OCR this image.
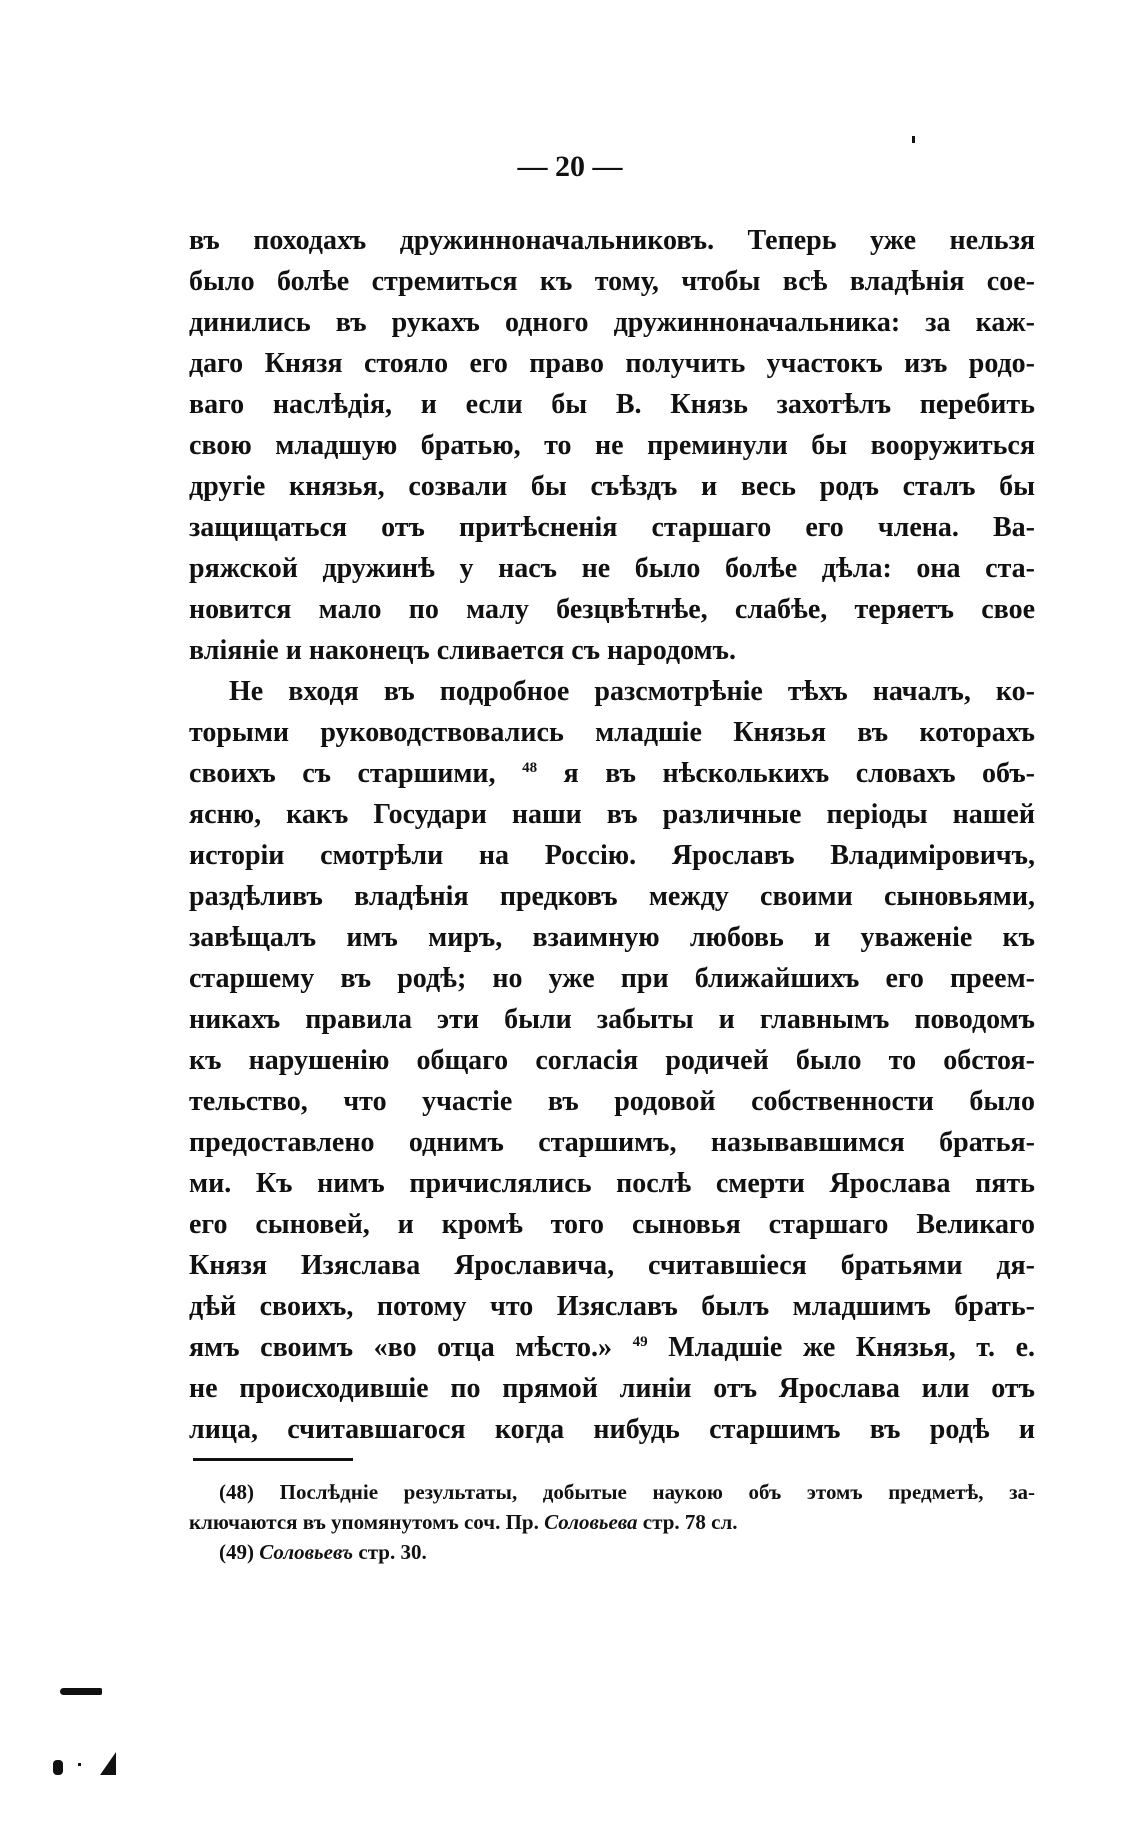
— 20 —
въ походахъ дружинноначальниковъ. Теперь уже нельзя
было болѣе стремиться къ тому, чтобы всѣ владѣнія сое-
динились въ рукахъ одного дружинноначальника: за каж-
даго Князя стояло его право получить участокъ изъ родо-
ваго наслѣдія, и если бы В. Князь захотѣлъ перебить
свою младшую братью, то не преминули бы вооружиться
другіе князья, созвали бы съѣздъ и весь родъ сталъ бы
защищаться отъ притѣсненія старшаго его члена. Ва-
ряжской дружинѣ у насъ не было болѣе дѣла: она ста-
новится мало по малу безцвѣтнѣе, слабѣе, теряетъ свое
вліяніе и наконецъ сливается съ народомъ.
Не входя въ подробное разсмотрѣніе тѣхъ началъ, ко-
торыми руководствовались младшіе Князья въ которахъ
своихъ съ старшими, $^{48}$ я въ нѣсколькихъ словахъ объ-
ясню, какъ Государи наши въ различные періоды нашей
исторіи смотрѣли на Россію. Ярославъ Владиміровичъ,
раздѣливъ владѣнія предковъ между своими сыновьями,
завѣщалъ имъ миръ, взаимную любовь и уваженіе къ
старшему въ родѣ; но уже при ближайшихъ его преем-
никахъ правила эти были забыты и главнымъ поводомъ
къ нарушенію общаго согласія родичей было то обстоя-
тельство, что участіе въ родовой собственности было
предоставлено однимъ старшимъ, называвшимся братья-
ми. Къ нимъ причислялись послѣ смерти Ярослава пять
его сыновей, и кромѣ того сыновья старшаго Великаго
Князя Изяслава Ярославича, считавшіеся братьями дя-
дѣй своихъ, потому что Изяславъ былъ младшимъ брать-
ямъ своимъ «во отца мѣсто.» $^{49}$ Младшіе же Князья, т. е.
не происходившіе по прямой линіи отъ Ярослава или отъ
лица, считавшагося когда нибудь старшимъ въ родѣ и
(48) Послѣдніе результаты, добытые наукою объ этомъ предметѣ, за-
ключаются въ упомянутомъ соч. Пр. Соловьева стр. 78 сл.
(49) Соловьевъ стр. 30.
